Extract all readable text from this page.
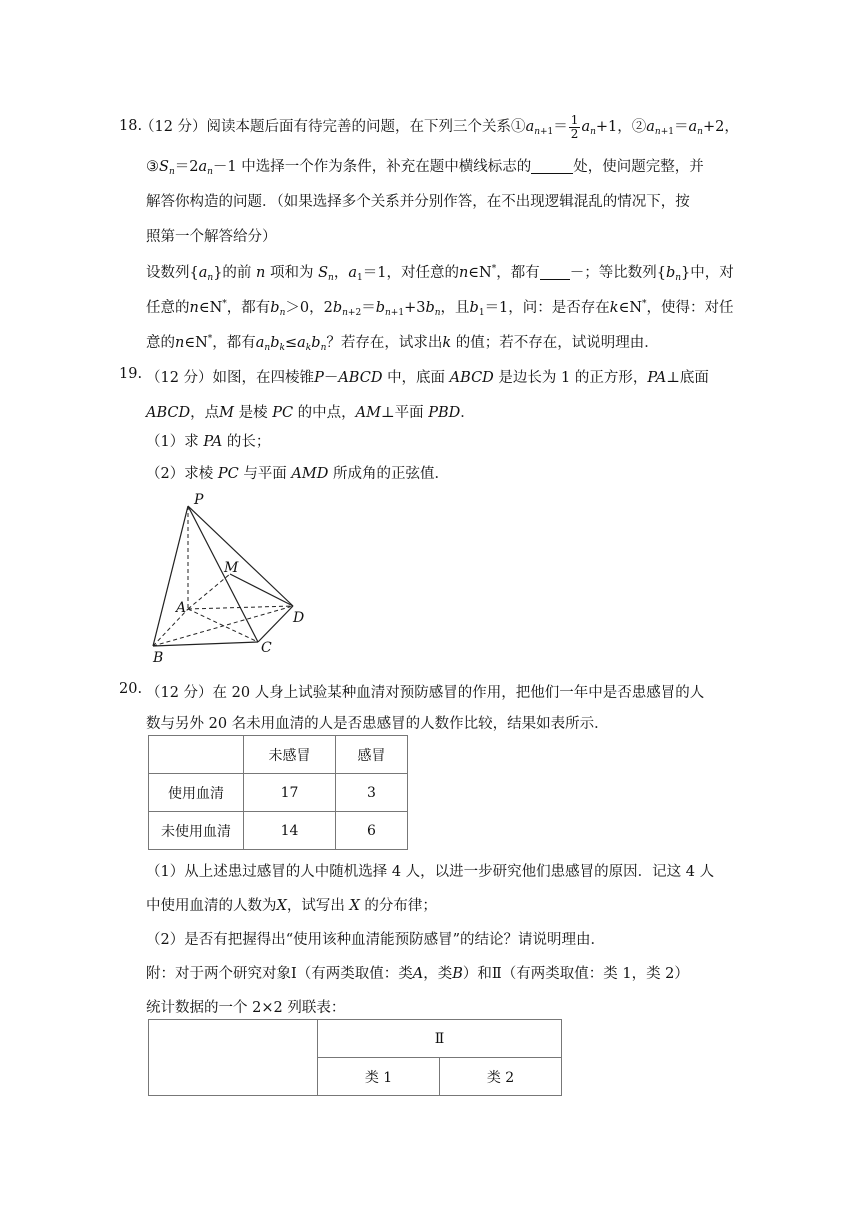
18.
（12 分）阅读本题后面有待完善的问题，在下列三个关系$①a_{n+1}= \frac{1}{2} a_n+1$，$②a_{n+1}=a_n+2$，
$③S_n=2a_n-1$ 中选择一个作为条件，补充在题中横线标志的	处，使问题完整，并
解答你构造的问题．（如果选择多个关系并分别作答，在不出现逻辑混乱的情况下，按
照第一个解答给分）
设数列$\{a_n\}$的前 n 项和为 $S_n$，$a_1=1$，对任意的n∈N*，都有 －；等比数列$\{b_n\}$中，对
任意的n∈N*，都有$b_n>0$，$2b_{n+2}=b_{n+1}+3b_n$，且$b_1=1$，问：是否存在k∈N*，使得：对任
意的n∈N*，都有$a_nb_k\le a_kb_n$？若存在，试求出k 的值；若不存在，试说明理由．
19. （12 分）如图，在四棱锥P－ABCD 中，底面 ABCD 是边长为 1 的正方形，PA⊥底面
ABCD，点M 是棱 PC 的中点，AM⊥平面 PBD．
（1）求 PA 的长；
（2）求棱 PC 与平面 AMD 所成角的正弦值．
P
M
A
D
B
C
20. （12 分）在 20 人身上试验某种血清对预防感冒的作用，把他们一年中是否患感冒的人
数与另外 20 名未用血清的人是否患感冒的人数作比较，结果如表所示．
	未感冒	感冒
使用血清	17	3
未使用血清	14	6
（1）从上述患过感冒的人中随机选择 4 人，以进一步研究他们患感冒的原因．记这 4 人
中使用血清的人数为X，试写出 X 的分布律；
（2）是否有把握得出“使用该种血清能预防感冒”的结论？请说明理由．
附：对于两个研究对象Ⅰ（有两类取值：类A，类B）和Ⅱ（有两类取值：类 1，类 2）
统计数据的一个 2×2 列联表：
	Ⅱ	
	类 1	类 2
